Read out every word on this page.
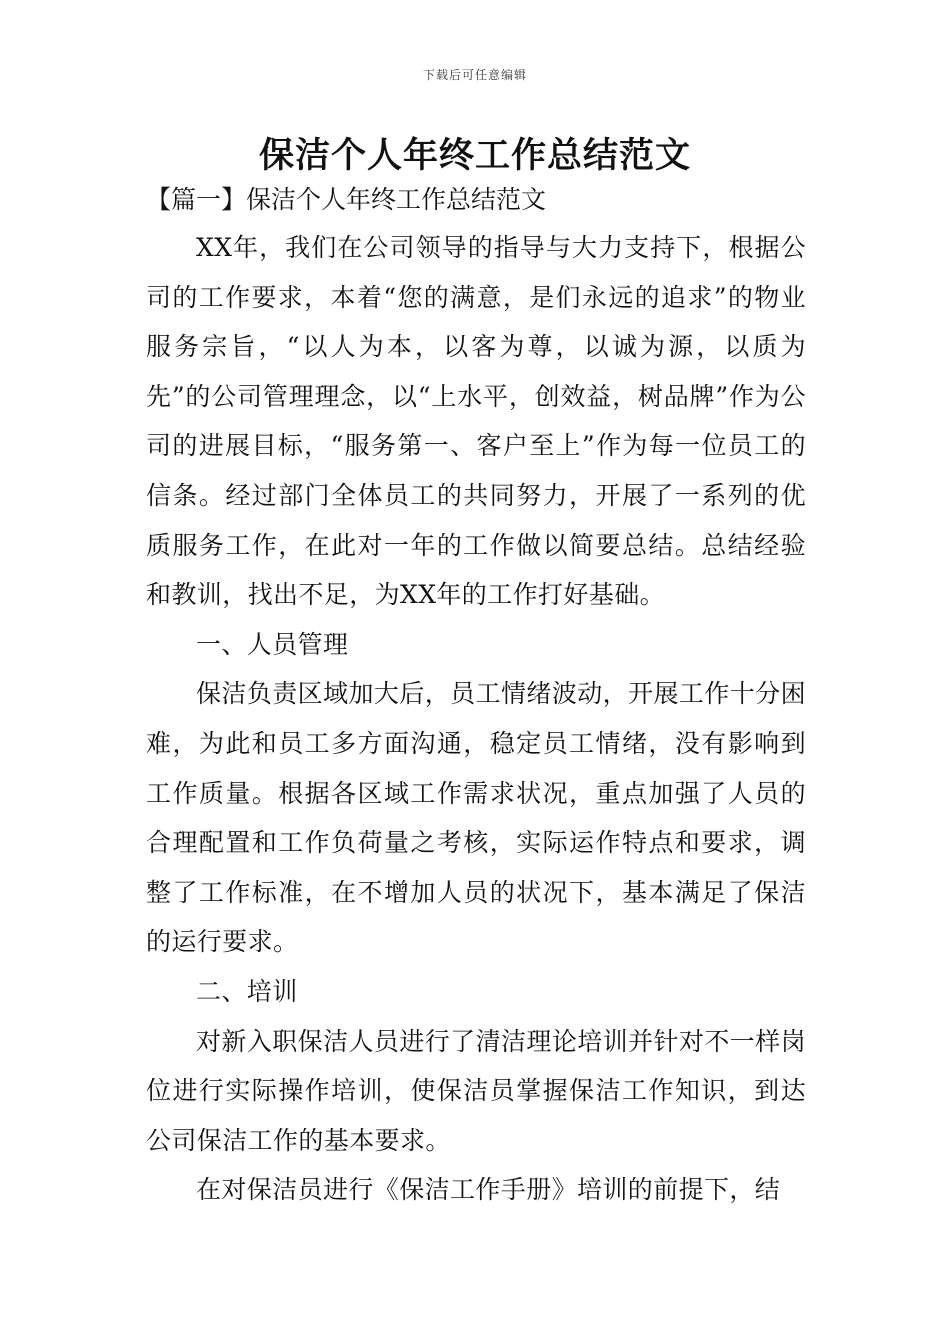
下载后可任意编辑
保洁个人年终工作总结范文
【篇一】保洁个人年终工作总结范文

XX年，我们在公司领导的指导与大力支持下，根据公司的工作要求，本着“您的满意，是们永远的追求”的物业服务宗旨，“以人为本，以客为尊，以诚为源，以质为先”的公司管理理念，以“上水平，创效益，树品牌”作为公司的进展目标，“服务第一、客户至上”作为每一位员工的信条。经过部门全体员工的共同努力，开展了一系列的优质服务工作，在此对一年的工作做以简要总结。总结经验和教训，找出不足，为XX年的工作打好基础。

一、人员管理

保洁负责区域加大后，员工情绪波动，开展工作十分困难，为此和员工多方面沟通，稳定员工情绪，没有影响到工作质量。根据各区域工作需求状况，重点加强了人员的合理配置和工作负荷量之考核，实际运作特点和要求，调整了工作标准，在不增加人员的状况下，基本满足了保洁的运行要求。

二、培训

对新入职保洁人员进行了清洁理论培训并针对不一样岗位进行实际操作培训，使保洁员掌握保洁工作知识，到达公司保洁工作的基本要求。

在对保洁员进行《保洁工作手册》培训的前提下，结
